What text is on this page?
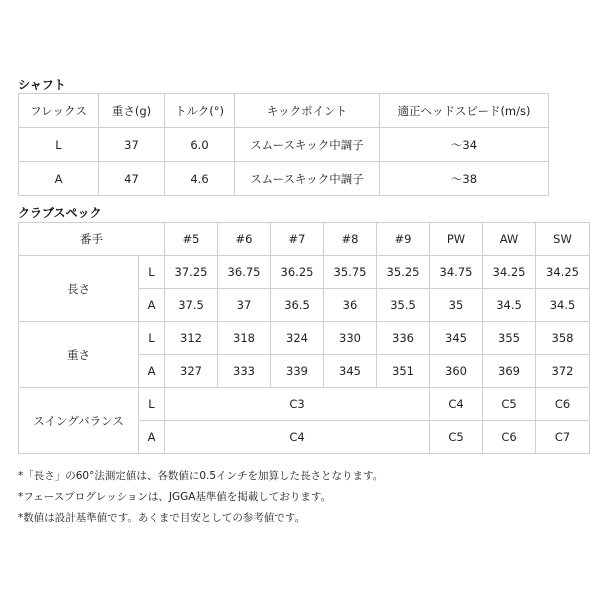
シャフト
フレックス	重さ(g)	トルク(°)	キックポイント	適正ヘッドスピード(m/s)
L	37	6.0	スムースキック中調子	〜34
A	47	4.6	スムースキック中調子	〜38
クラブスペック
番手		#5	#6	#7	#8	#9	PW	AW	SW
長さ	L	37.25	36.75	36.25	35.75	35.25	34.75	34.25	34.25
	A	37.5	37	36.5	36	35.5	35	34.5	34.5
重さ	L	312	318	324	330	336	345	355	358
	A	327	333	339	345	351	360	369	372
スイングバランス	L	C3					C4	C5	C6
	A	C4					C5	C6	C7
*「長さ」の60°法測定値は、各数値に0.5インチを加算した長さとなります。
*フェースプログレッションは、JGGA基準値を掲載しております。
*数値は設計基準値です。あくまで目安としての参考値です。
